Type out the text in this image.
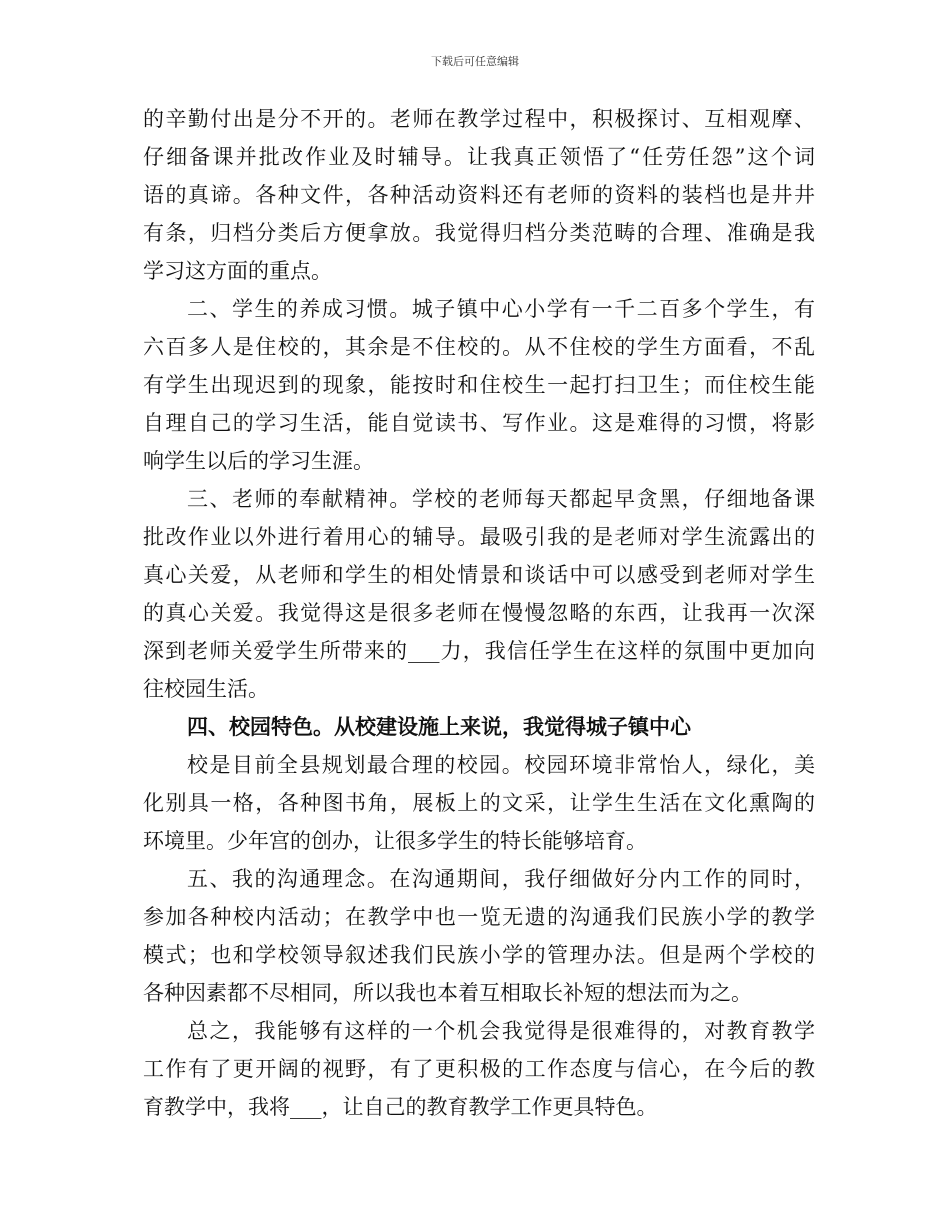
下载后可任意编辑
的辛勤付出是分不开的。老师在教学过程中，积极探讨、互相观摩、
仔细备课并批改作业及时辅导。让我真正领悟了“任劳任怨”这个词
语的真谛。各种文件，各种活动资料还有老师的资料的装档也是井井
有条，归档分类后方便拿放。我觉得归档分类范畴的合理、准确是我
学习这方面的重点。
二、学生的养成习惯。城子镇中心小学有一千二百多个学生，有
六百多人是住校的，其余是不住校的。从不住校的学生方面看，不乱
有学生出现迟到的现象，能按时和住校生一起打扫卫生；而住校生能
自理自己的学习生活，能自觉读书、写作业。这是难得的习惯，将影
响学生以后的学习生涯。
三、老师的奉献精神。学校的老师每天都起早贪黑，仔细地备课
批改作业以外进行着用心的辅导。最吸引我的是老师对学生流露出的
真心关爱，从老师和学生的相处情景和谈话中可以感受到老师对学生
的真心关爱。我觉得这是很多老师在慢慢忽略的东西，让我再一次深
深到老师关爱学生所带来的___力，我信任学生在这样的氛围中更加向
往校园生活。
四、校园特色。从校建设施上来说，我觉得城子镇中心
校是目前全县规划最合理的校园。校园环境非常怡人，绿化，美
化别具一格，各种图书角，展板上的文采，让学生生活在文化熏陶的
环境里。少年宫的创办，让很多学生的特长能够培育。
五、我的沟通理念。在沟通期间，我仔细做好分内工作的同时，
参加各种校内活动；在教学中也一览无遗的沟通我们民族小学的教学
模式；也和学校领导叙述我们民族小学的管理办法。但是两个学校的
各种因素都不尽相同，所以我也本着互相取长补短的想法而为之。
总之，我能够有这样的一个机会我觉得是很难得的，对教育教学
工作有了更开阔的视野，有了更积极的工作态度与信心，在今后的教
育教学中，我将___，让自己的教育教学工作更具特色。
